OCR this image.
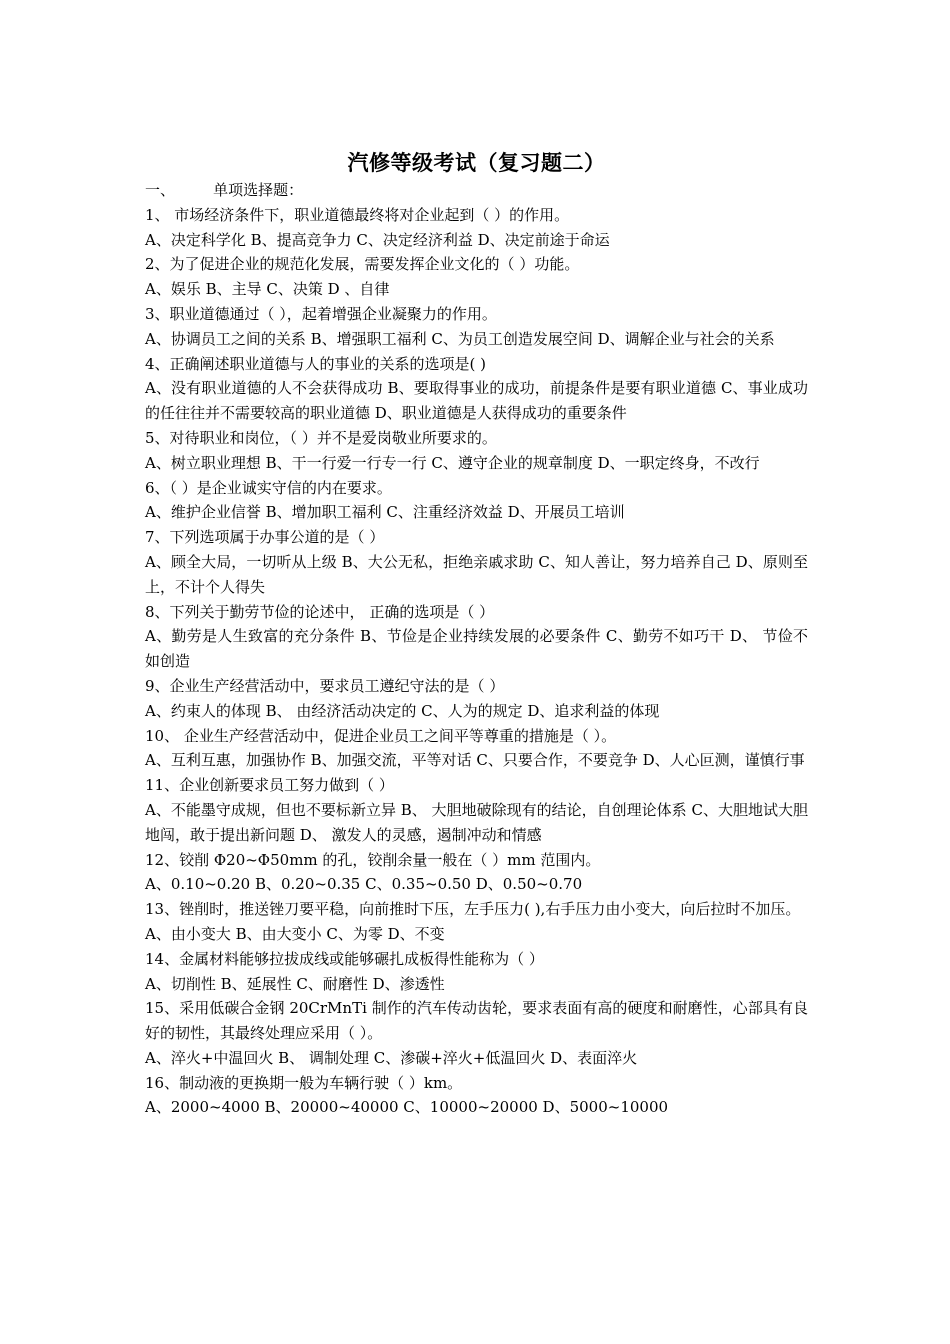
汽修等级考试（复习题二）
一、        单项选择题：
1、 市场经济条件下，职业道德最终将对企业起到（ ）的作用。
A、决定科学化 B、提高竞争力 C、决定经济利益 D、决定前途于命运
2、为了促进企业的规范化发展，需要发挥企业文化的（ ）功能。
A、娱乐 B、主导 C、决策 D 、自律
3、职业道德通过（ ），起着增强企业凝聚力的作用。
A、协调员工之间的关系 B、增强职工福利 C、为员工创造发展空间 D、调解企业与社会的关系
4、正确阐述职业道德与人的事业的关系的选项是( )
A、没有职业道德的人不会获得成功 B、要取得事业的成功，前提条件是要有职业道德 C、事业成功的任往往并不需要较高的职业道德 D、职业道德是人获得成功的重要条件
5、对待职业和岗位，（ ）并不是爱岗敬业所要求的。
A、树立职业理想 B、干一行爱一行专一行 C、遵守企业的规章制度 D、一职定终身，不改行
6、（ ）是企业诚实守信的内在要求。
A、维护企业信誉 B、增加职工福利 C、注重经济效益 D、开展员工培训
7、下列选项属于办事公道的是（ ）
A、顾全大局，一切听从上级 B、大公无私，拒绝亲戚求助 C、知人善让，努力培养自己 D、原则至上，不计个人得失
8、下列关于勤劳节俭的论述中， 正确的选项是（ ）
A、勤劳是人生致富的充分条件 B、节俭是企业持续发展的必要条件 C、勤劳不如巧干 D、 节俭不如创造
9、企业生产经营活动中，要求员工遵纪守法的是（ ）
A、约束人的体现 B、 由经济活动决定的 C、人为的规定 D、追求利益的体现
10、 企业生产经营活动中，促进企业员工之间平等尊重的措施是（ ）。
A、互利互惠，加强协作 B、加强交流，平等对话 C、只要合作，不要竞争 D、人心叵测，谨慎行事
11、企业创新要求员工努力做到（ ）
A、不能墨守成规，但也不要标新立异 B、 大胆地破除现有的结论，自创理论体系 C、大胆地试大胆地闯，敢于提出新问题 D、 激发人的灵感，遏制冲动和情感
12、铰削 Φ20~Φ50mm 的孔，铰削余量一般在（ ）mm 范围内。
A、0.10~0.20 B、0.20~0.35 C、0.35~0.50 D、0.50~0.70
13、锉削时，推送锉刀要平稳，向前推时下压，左手压力( ),右手压力由小变大，向后拉时不加压。
A、由小变大 B、由大变小 C、为零 D、不变
14、金属材料能够拉拔成线或能够碾扎成板得性能称为（ ）
A、切削性 B、延展性 C、耐磨性 D、渗透性
15、采用低碳合金钢 20CrMnTi 制作的汽车传动齿轮，要求表面有高的硬度和耐磨性，心部具有良好的韧性，其最终处理应采用（ ）。
A、淬火+中温回火 B、 调制处理 C、渗碳+淬火+低温回火 D、表面淬火
16、制动液的更换期一般为车辆行驶（ ）km。
A、2000~4000 B、20000~40000 C、10000~20000 D、5000~10000
